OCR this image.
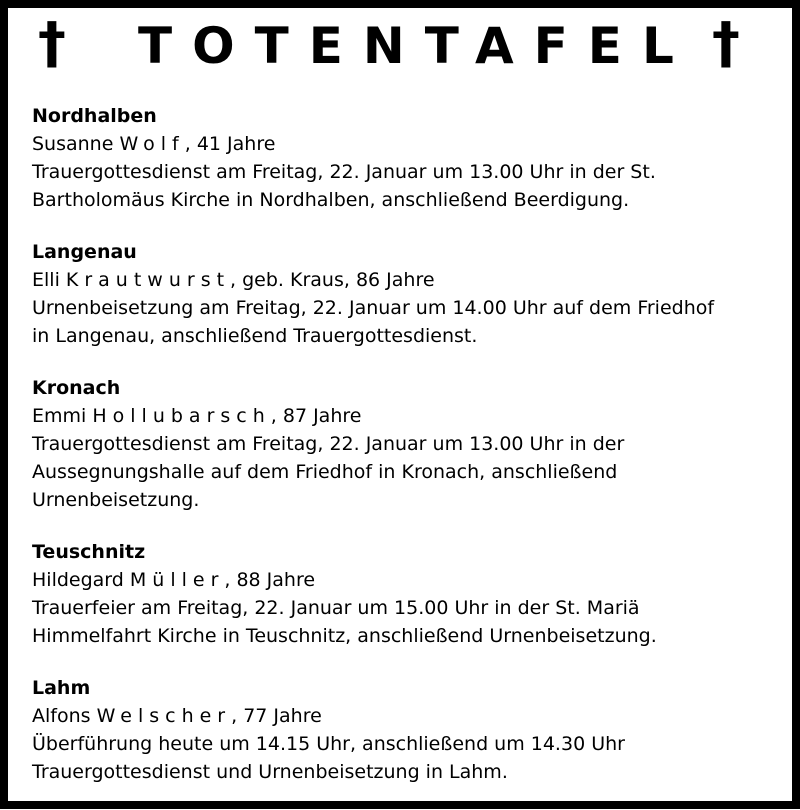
† TOTENTAFEL †
Nordhalben
Susanne Wolf, 41 Jahre
Trauergottesdienst am Freitag, 22. Januar um 13.00 Uhr in der St.
Bartholomäus Kirche in Nordhalben, anschließend Beerdigung.
Langenau
Elli Krautwurst, geb. Kraus, 86 Jahre
Urnenbeisetzung am Freitag, 22. Januar um 14.00 Uhr auf dem Friedhof
in Langenau, anschließend Trauergottesdienst.
Kronach
Emmi Hollubarsch, 87 Jahre
Trauergottesdienst am Freitag, 22. Januar um 13.00 Uhr in der
Aussegnungshalle auf dem Friedhof in Kronach, anschließend
Urnenbeisetzung.
Teuschnitz
Hildegard Müller, 88 Jahre
Trauerfeier am Freitag, 22. Januar um 15.00 Uhr in der St. Mariä
Himmelfahrt Kirche in Teuschnitz, anschließend Urnenbeisetzung.
Lahm
Alfons Welscher, 77 Jahre
Überführung heute um 14.15 Uhr, anschließend um 14.30 Uhr
Trauergottesdienst und Urnenbeisetzung in Lahm.
